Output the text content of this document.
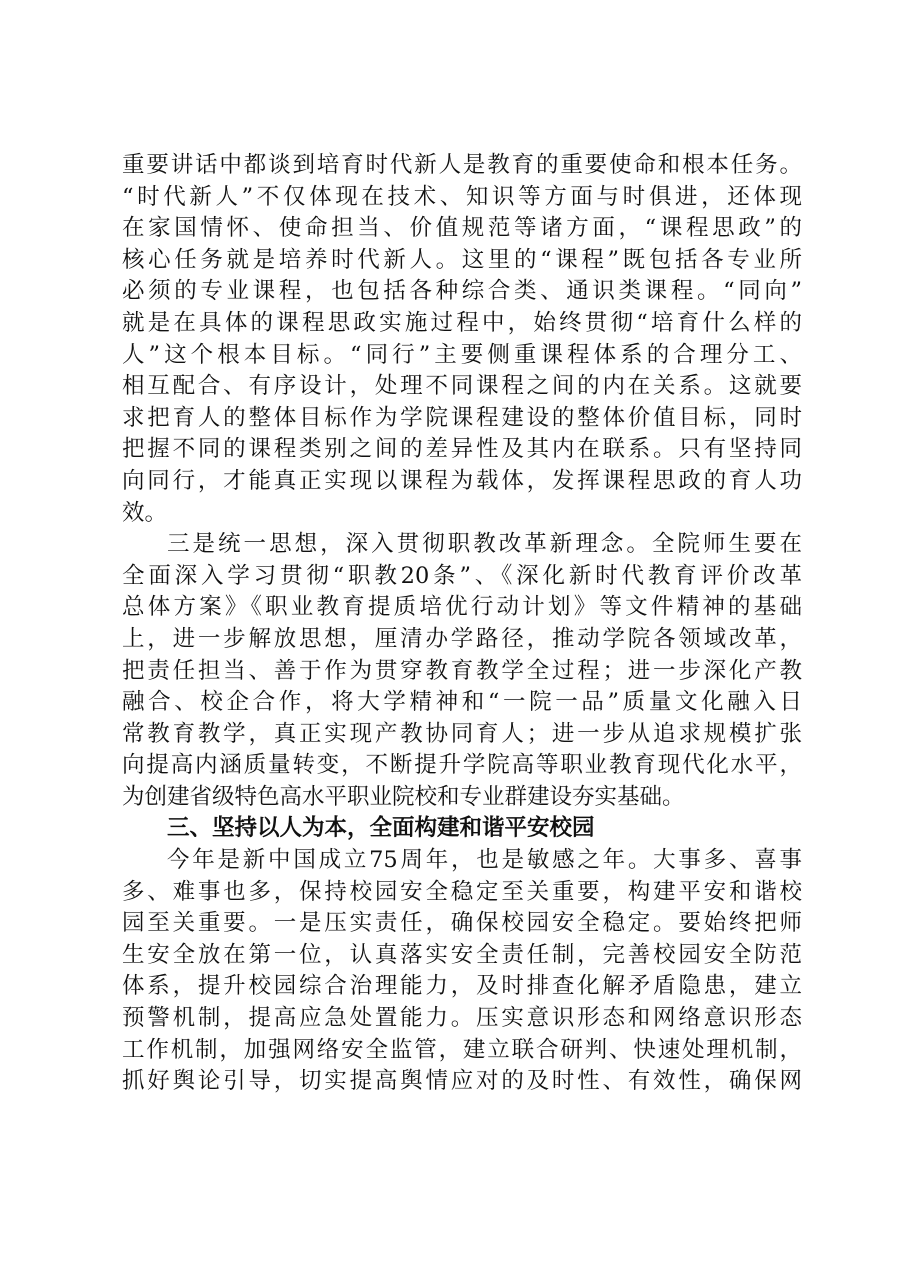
重要讲话中都谈到培育时代新人是教育的重要使命和根本任务。
“时代新人”不仅体现在技术、知识等方面与时俱进，还体现
在家国情怀、使命担当、价值规范等诸方面，“课程思政”的
核心任务就是培养时代新人。这里的“课程”既包括各专业所
必须的专业课程，也包括各种综合类、通识类课程。“同向”
就是在具体的课程思政实施过程中，始终贯彻“培育什么样的
人”这个根本目标。“同行”主要侧重课程体系的合理分工、
相互配合、有序设计，处理不同课程之间的内在关系。这就要
求把育人的整体目标作为学院课程建设的整体价值目标，同时
把握不同的课程类别之间的差异性及其内在联系。只有坚持同
向同行，才能真正实现以课程为载体，发挥课程思政的育人功
效。
三是统一思想，深入贯彻职教改革新理念。全院师生要在
全面深入学习贯彻“职教20条”、《深化新时代教育评价改革
总体方案》《职业教育提质培优行动计划》等文件精神的基础
上，进一步解放思想，厘清办学路径，推动学院各领域改革，
把责任担当、善于作为贯穿教育教学全过程；进一步深化产教
融合、校企合作，将大学精神和“一院一品”质量文化融入日
常教育教学，真正实现产教协同育人；进一步从追求规模扩张
向提高内涵质量转变，不断提升学院高等职业教育现代化水平，
为创建省级特色高水平职业院校和专业群建设夯实基础。
三、坚持以人为本，全面构建和谐平安校园
今年是新中国成立75周年，也是敏感之年。大事多、喜事
多、难事也多，保持校园安全稳定至关重要，构建平安和谐校
园至关重要。一是压实责任，确保校园安全稳定。要始终把师
生安全放在第一位，认真落实安全责任制，完善校园安全防范
体系，提升校园综合治理能力，及时排查化解矛盾隐患，建立
预警机制，提高应急处置能力。压实意识形态和网络意识形态
工作机制，加强网络安全监管，建立联合研判、快速处理机制，
抓好舆论引导，切实提高舆情应对的及时性、有效性，确保网
